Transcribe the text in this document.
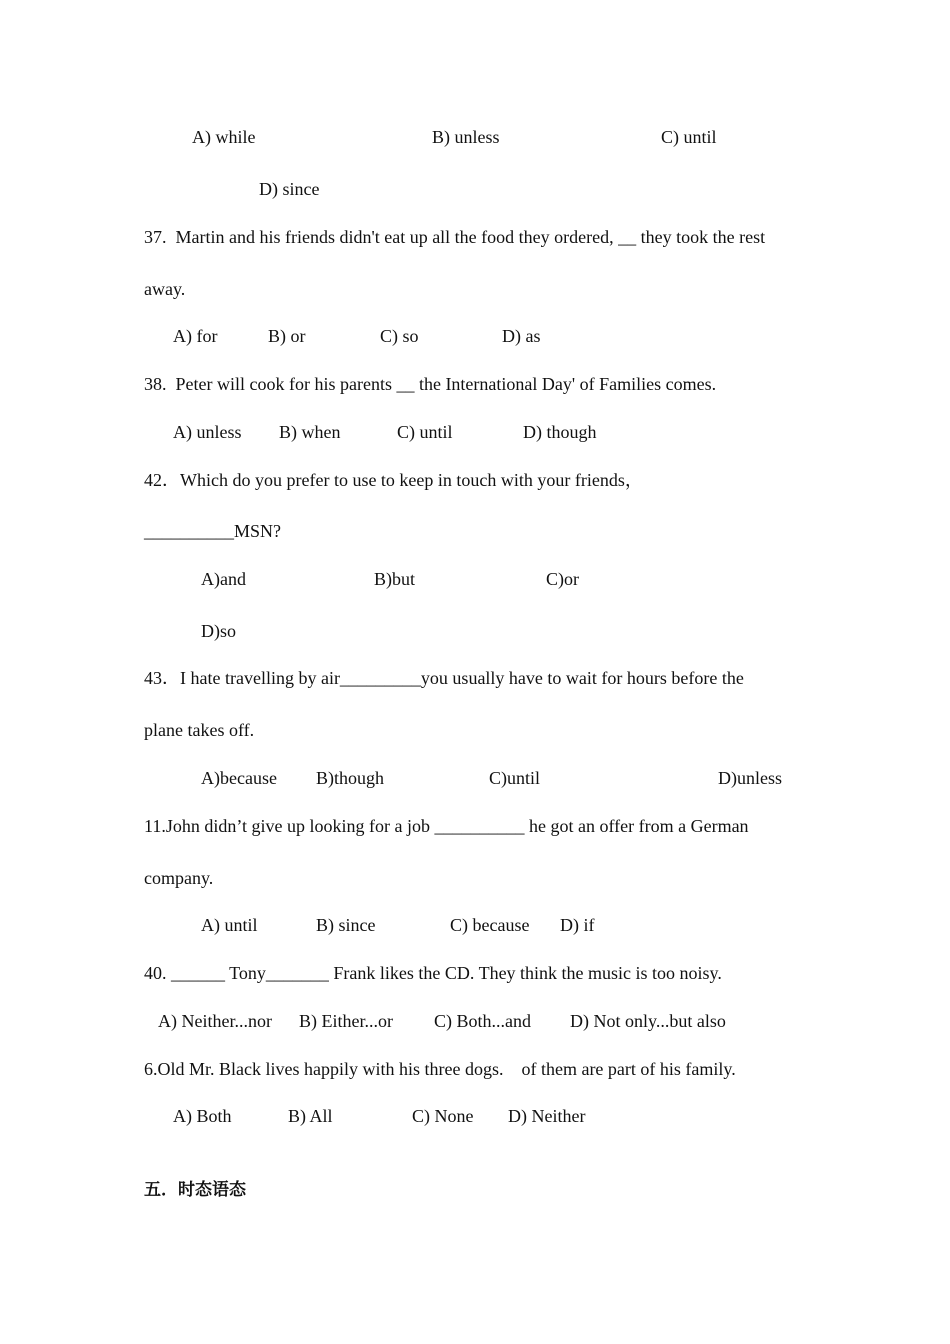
A) while	B) unless	C) until

D) since

37.  Martin and his friends didn't eat up all the food they ordered, __ they took the rest

away.

A) for	B) or	C) so	D) as

38.  Peter will cook for his parents __ the International Day' of Families comes.

A) unless B) when	C) until	D) though

42．Which do you prefer to use to keep in touch with your friends，

__________MSN?

A)and	B)but	C)or

D)so

43．I hate travelling by air_________you usually have to wait for hours before the

plane takes off.

A)because B)though	C)until	D)unless

11.John didn’t give up looking for a job __________ he got an offer from a German

company.

A) until	B) since	C) because D) if

40. ______ Tony_______ Frank likes the CD. They think the music is too noisy.

A) Neither...nor B) Either...or C) Both...and D) Not only...but also

6.Old Mr. Black lives happily with his three dogs.    of them are part of his family.

A) Both	B) All	C) None D) Neither

五．时态语态
